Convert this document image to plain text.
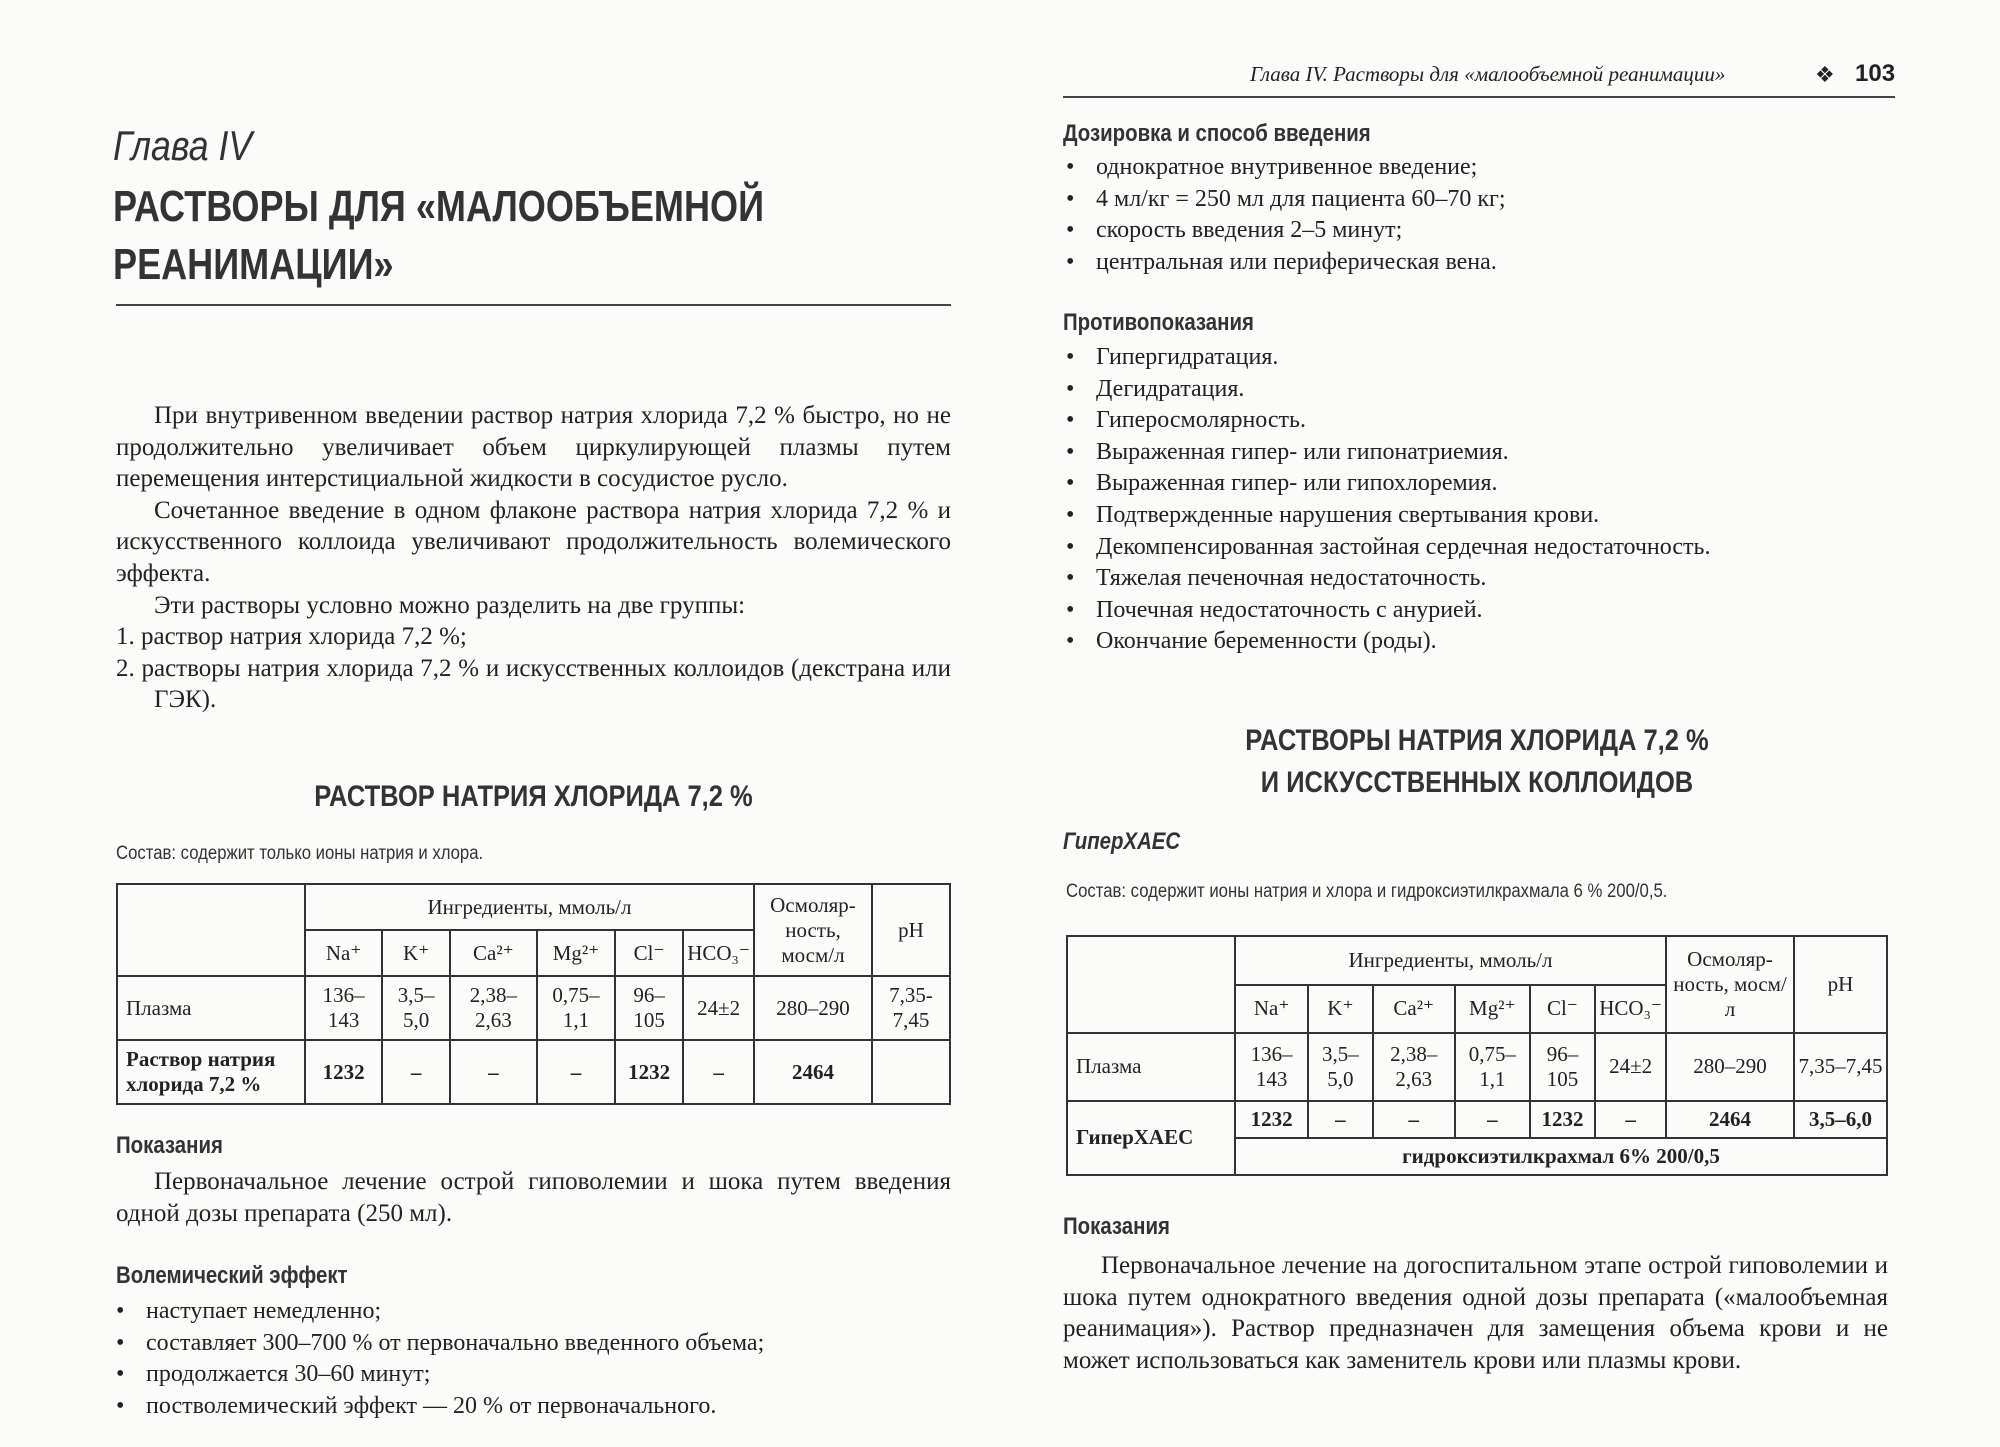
Глава IV
РАСТВОРЫ ДЛЯ «МАЛООБЪЕМНОЙ
РЕАНИМАЦИИ»

При внутривенном введении раствор натрия хлорида 7,2 % быстро, но не продолжительно увеличивает объем циркулирующей плазмы путем перемещения интерстициальной жидкости в сосудистое русло.

Сочетанное введение в одном флаконе раствора натрия хлорида 7,2 % и искусственного коллоида увеличивают продолжительность волемического эффекта.

Эти растворы условно можно разделить на две группы:

1. раствор натрия хлорида 7,2 %;
2. растворы натрия хлорида 7,2 % и искусственных коллоидов (декстрана или ГЭК).
РАСТВОР НАТРИЯ ХЛОРИДА 7,2 %
Состав: содержит только ионы натрия и хлора.
	Ингредиенты, ммоль/л						Осмоляр-ность, мосм/л	pH
	Na⁺	K⁺	Ca²⁺	Mg²⁺	Cl⁻	HCO₃⁻		
Плазма	136–143	3,5–5,0	2,38–2,63	0,75–1,1	96–105	24±2	280–290	7,35-7,45
Раствор натрия хлорида 7,2 %	1232	–	–	–	1232	–	2464	
Показания

Первоначальное лечение острой гиповолемии и шока путем введения одной дозы препарата (250 мл).

Волемический эффект
• наступает немедленно;
• составляет 300–700 % от первоначально введенного объема;
• продолжается 30–60 минут;
• постволемический эффект — 20 % от первоначального.
Глава IV. Растворы для «малообъемной реанимации»	❖ 103
Дозировка и способ введения
• однократное внутривенное введение;
• 4 мл/кг = 250 мл для пациента 60–70 кг;
• скорость введения 2–5 минут;
• центральная или периферическая вена.
Противопоказания
• Гипергидратация.
• Дегидратация.
• Гиперосмолярность.
• Выраженная гипер- или гипонатриемия.
• Выраженная гипер- или гипохлоремия.
• Подтвержденные нарушения свертывания крови.
• Декомпенсированная застойная сердечная недостаточность.
• Тяжелая печеночная недостаточность.
• Почечная недостаточность с анурией.
• Окончание беременности (роды).
РАСТВОРЫ НАТРИЯ ХЛОРИДА 7,2 %
И ИСКУССТВЕННЫХ КОЛЛОИДОВ
ГиперХАЕС
Состав: содержит ионы натрия и хлора и гидроксиэтилкрахмала 6 % 200/0,5.
	Ингредиенты, ммоль/л						Осмоляр-ность, мосм/л	pH
	Na⁺	K⁺	Ca²⁺	Mg²⁺	Cl⁻	HCO₃⁻		
Плазма	136–143	3,5–5,0	2,38–2,63	0,75–1,1	96–105	24±2	280–290	7,35–7,45
ГиперХАЕС	1232	–	–	–	1232	–	2464	3,5–6,0
	гидроксиэтилкрахмал 6% 200/0,5							
Показания

Первоначальное лечение на догоспитальном этапе острой гиповолемии и шока путем однократного введения одной дозы препарата («малообъемная реанимация»). Раствор предназначен для замещения объема крови и не может использоваться как заменитель крови или плазмы крови.
